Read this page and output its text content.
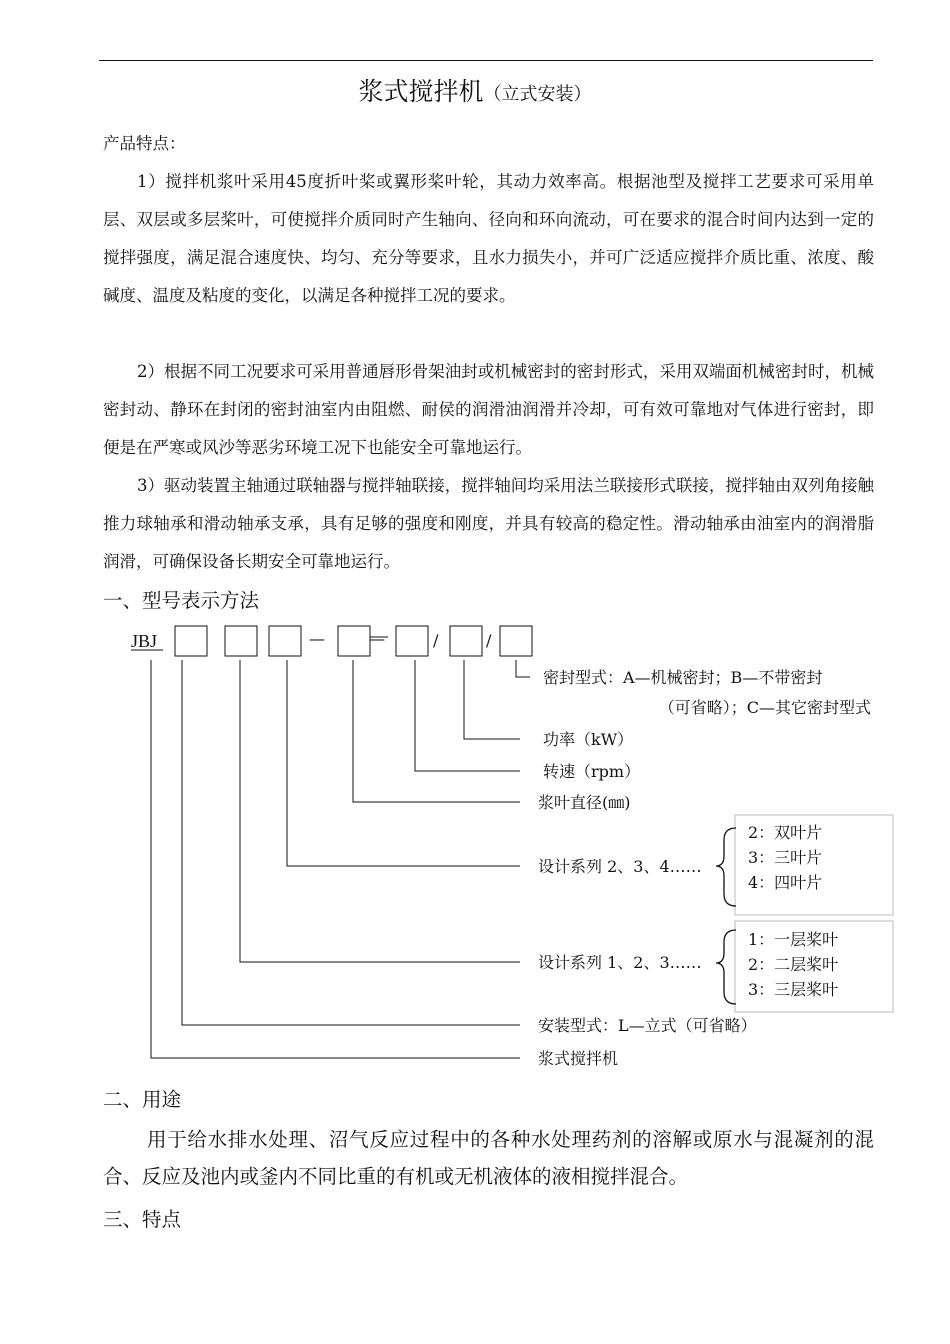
浆式搅拌机（立式安装）
产品特点：

1）搅拌机浆叶采用45度折叶桨或翼形桨叶轮，其动力效率高。根据池型及搅拌工艺要求可采用单层、双层或多层桨叶，可使搅拌介质同时产生轴向、径向和环向流动，可在要求的混合时间内达到一定的搅拌强度，满足混合速度快、均匀、充分等要求，且水力损失小，并可广泛适应搅拌介质比重、浓度、酸碱度、温度及粘度的变化，以满足各种搅拌工况的要求。

2）根据不同工况要求可采用普通唇形骨架油封或机械密封的密封形式，采用双端面机械密封时，机械密封动、静环在封闭的密封油室内由阻燃、耐侯的润滑油润滑并冷却，可有效可靠地对气体进行密封，即便是在严寒或风沙等恶劣环境工况下也能安全可靠地运行。

3）驱动装置主轴通过联轴器与搅拌轴联接，搅拌轴间均采用法兰联接形式联接，搅拌轴由双列角接触推力球轴承和滑动轴承支承，具有足够的强度和刚度，并具有较高的稳定性。滑动轴承由油室内的润滑脂润滑，可确保设备长期安全可靠地运行。

一、型号表示方法
JBJ	—	—	/	/
密封型式：A—机械密封；B—不带密封
（可省略）；C—其它密封型式
功率（kW）
转速（rpm）
浆叶直径(㎜)
设计系列 2、3、4……
设计系列 1、2、3……
安装型式：L—立式（可省略）
浆式搅拌机
2：双叶片
3：三叶片
4：四叶片
1：一层桨叶
2：二层桨叶
3：三层桨叶
二、用途

用于给水排水处理、沼气反应过程中的各种水处理药剂的溶解或原水与混凝剂的混合、反应及池内或釜内不同比重的有机或无机液体的液相搅拌混合。

三、特点
